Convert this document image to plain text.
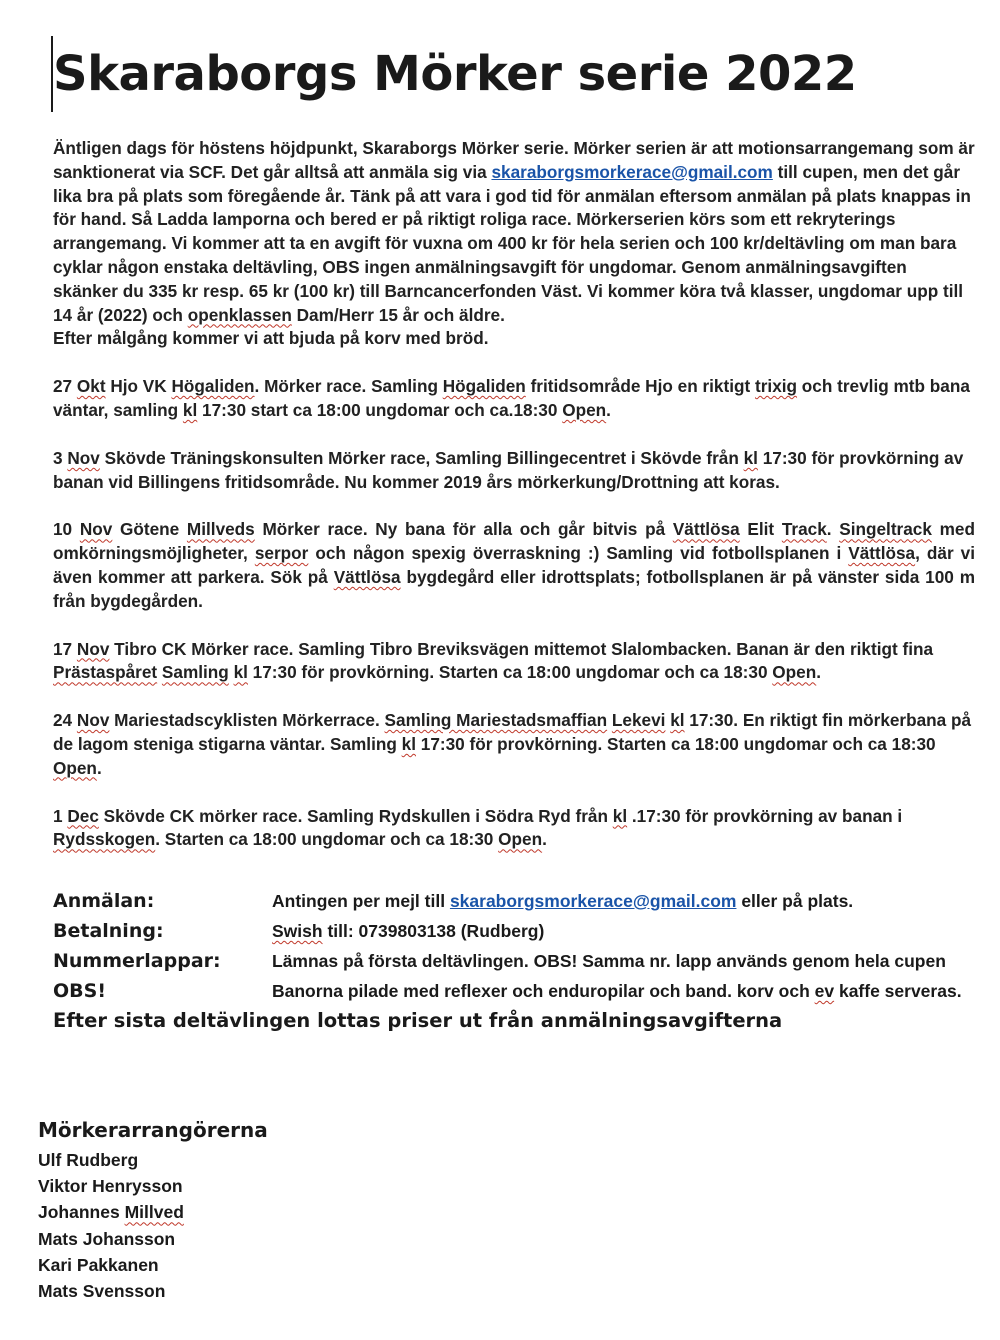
Skaraborgs Mörker serie 2022

Äntligen dags för höstens höjdpunkt, Skaraborgs Mörker serie. Mörker serien är att motionsarrangemang som är sanktionerat via SCF. Det går alltså att anmäla sig via skaraborgsmorkerace@gmail.com till cupen, men det går lika bra på plats som föregående år. Tänk på att vara i god tid för anmälan eftersom anmälan på plats knappas in för hand. Så Ladda lamporna och bered er på riktigt roliga race. Mörkerserien körs som ett rekryterings arrangemang. Vi kommer att ta en avgift för vuxna om 400 kr för hela serien och 100 kr/deltävling om man bara cyklar någon enstaka deltävling, OBS ingen anmälningsavgift för ungdomar. Genom anmälningsavgiften skänker du 335 kr resp. 65 kr (100 kr) till Barncancerfonden Väst. Vi kommer köra två klasser, ungdomar upp till 14 år (2022) och openklassen Dam/Herr 15 år och äldre.
Efter målgång kommer vi att bjuda på korv med bröd.

27 Okt Hjo VK Högaliden. Mörker race. Samling Högaliden fritidsområde Hjo en riktigt trixig och trevlig mtb bana väntar, samling kl 17:30 start ca 18:00 ungdomar och ca.18:30 Open.

3 Nov Skövde Träningskonsulten Mörker race, Samling Billingecentret i Skövde från kl 17:30 för provkörning av banan vid Billingens fritidsområde. Nu kommer 2019 års mörkerkung/Drottning att koras.

10 Nov Götene Millveds Mörker race. Ny bana för alla och går bitvis på Vättlösa Elit Track. Singeltrack med omkörningsmöjligheter, serpor och någon spexig överraskning :) Samling vid fotbollsplanen i Vättlösa, där vi även kommer att parkera. Sök på Vättlösa bygdegård eller idrottsplats; fotbollsplanen är på vänster sida 100 m från bygdegården.

17 Nov Tibro CK Mörker race. Samling Tibro Breviksvägen mittemot Slalombacken. Banan är den riktigt fina Prästaspåret Samling kl 17:30 för provkörning. Starten ca 18:00 ungdomar och ca 18:30 Open.

24 Nov Mariestadscyklisten Mörkerrace. Samling Mariestadsmaffian Lekevi kl 17:30. En riktigt fin mörkerbana på de lagom steniga stigarna väntar. Samling kl 17:30 för provkörning. Starten ca 18:00 ungdomar och ca 18:30 Open.

1 Dec Skövde CK mörker race. Samling Rydskullen i Södra Ryd från kl .17:30 för provkörning av banan i Rydsskogen. Starten ca 18:00 ungdomar och ca 18:30 Open.

Anmälan:	Antingen per mejl till skaraborgsmorkerace@gmail.com eller på plats.
Betalning:	Swish till: 0739803138 (Rudberg)
Nummerlappar:	Lämnas på första deltävlingen. OBS! Samma nr. lapp används genom hela cupen
OBS!	Banorna pilade med reflexer och enduropilar och band. korv och ev kaffe serveras.
Efter sista deltävlingen lottas priser ut från anmälningsavgifterna
Mörkerarrangörerna
Ulf Rudberg
Viktor Henrysson
Johannes Millved
Mats Johansson
Kari Pakkanen
Mats Svensson
